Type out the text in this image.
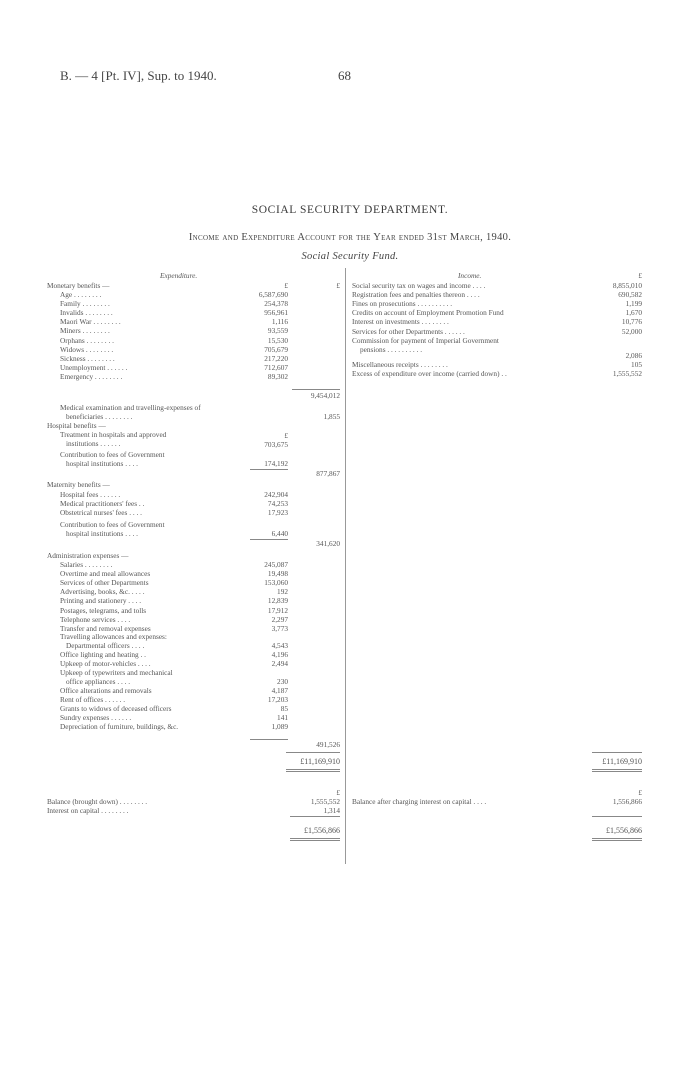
B. — 4 [Pt. IV], Sup. to 1940.	68
SOCIAL SECURITY DEPARTMENT.
Income and Expenditure Account for the Year ended 31st March, 1940.
Social Security Fund.
Expenditure.
£	£
Monetary benefits —
Age . . . . . . . .	6,587,690
Family . . . . . . . .	254,378
Invalids . . . . . . . .	956,961
Maori War . . . . . . . .	1,116
Miners . . . . . . . .	93,559
Orphans . . . . . . . .	15,530
Widows . . . . . . . .	705,679
Sickness . . . . . . . .	217,220
Unemployment . . . . . .	712,607
Emergency . . . . . . . .	89,302
9,454,012
Medical examination and travelling-expenses of
beneficiaries . . . . . . . .	1,855
Hospital benefits —
£
Treatment in hospitals and approved
institutions . . . . . .	703,675
Contribution to fees of Government
hospital institutions . . . .	174,192
877,867
Maternity benefits —
Hospital fees . . . . . .	242,904
Medical practitioners' fees . .	74,253
Obstetrical nurses' fees . . . .	17,923
Contribution to fees of Government
hospital institutions . . . .	6,440
341,620
Administration expenses —
Salaries . . . . . . . .	245,087
Overtime and meal allowances	19,498
Services of other Departments	153,060
Advertising, books, &c. . . . .	192
Printing and stationery . . . .	12,839
Postages, telegrams, and tolls	17,912
Telephone services . . . .	2,297
Transfer and removal expenses	3,773
Travelling allowances and expenses:
Departmental officers . . . .	4,543
Office lighting and heating . .	4,196
Upkeep of motor-vehicles . . . .	2,494
Upkeep of typewriters and mechanical
office appliances . . . .	230
Office alterations and removals	4,187
Rent of offices . . . . . .	17,203
Grants to widows of deceased officers	85
Sundry expenses . . . . . .	141
Depreciation of furniture, buildings, &c.	1,089
491,526
£11,169,910
Income.	£
Social security tax on wages and income . . . .	8,855,010
Registration fees and penalties thereon . . . .	690,582
Fines on prosecutions . . . . . . . . . .	1,199
Credits on account of Employment Promotion Fund	1,670
Interest on investments . . . . . . . .	10,776
Services for other Departments . . . . . .	52,000
Commission for payment of Imperial Government
pensions . . . . . . . . . .
2,086
Miscellaneous receipts . . . . . . . .	105
Excess of expenditure over income (carried down) . .	1,555,552
£11,169,910
£	£
Balance (brought down) . . . . . . . .	1,555,552
Interest on capital . . . . . . . .	1,314
£1,556,866
Balance after charging interest on capital . . . .	1,556,866
£1,556,866
